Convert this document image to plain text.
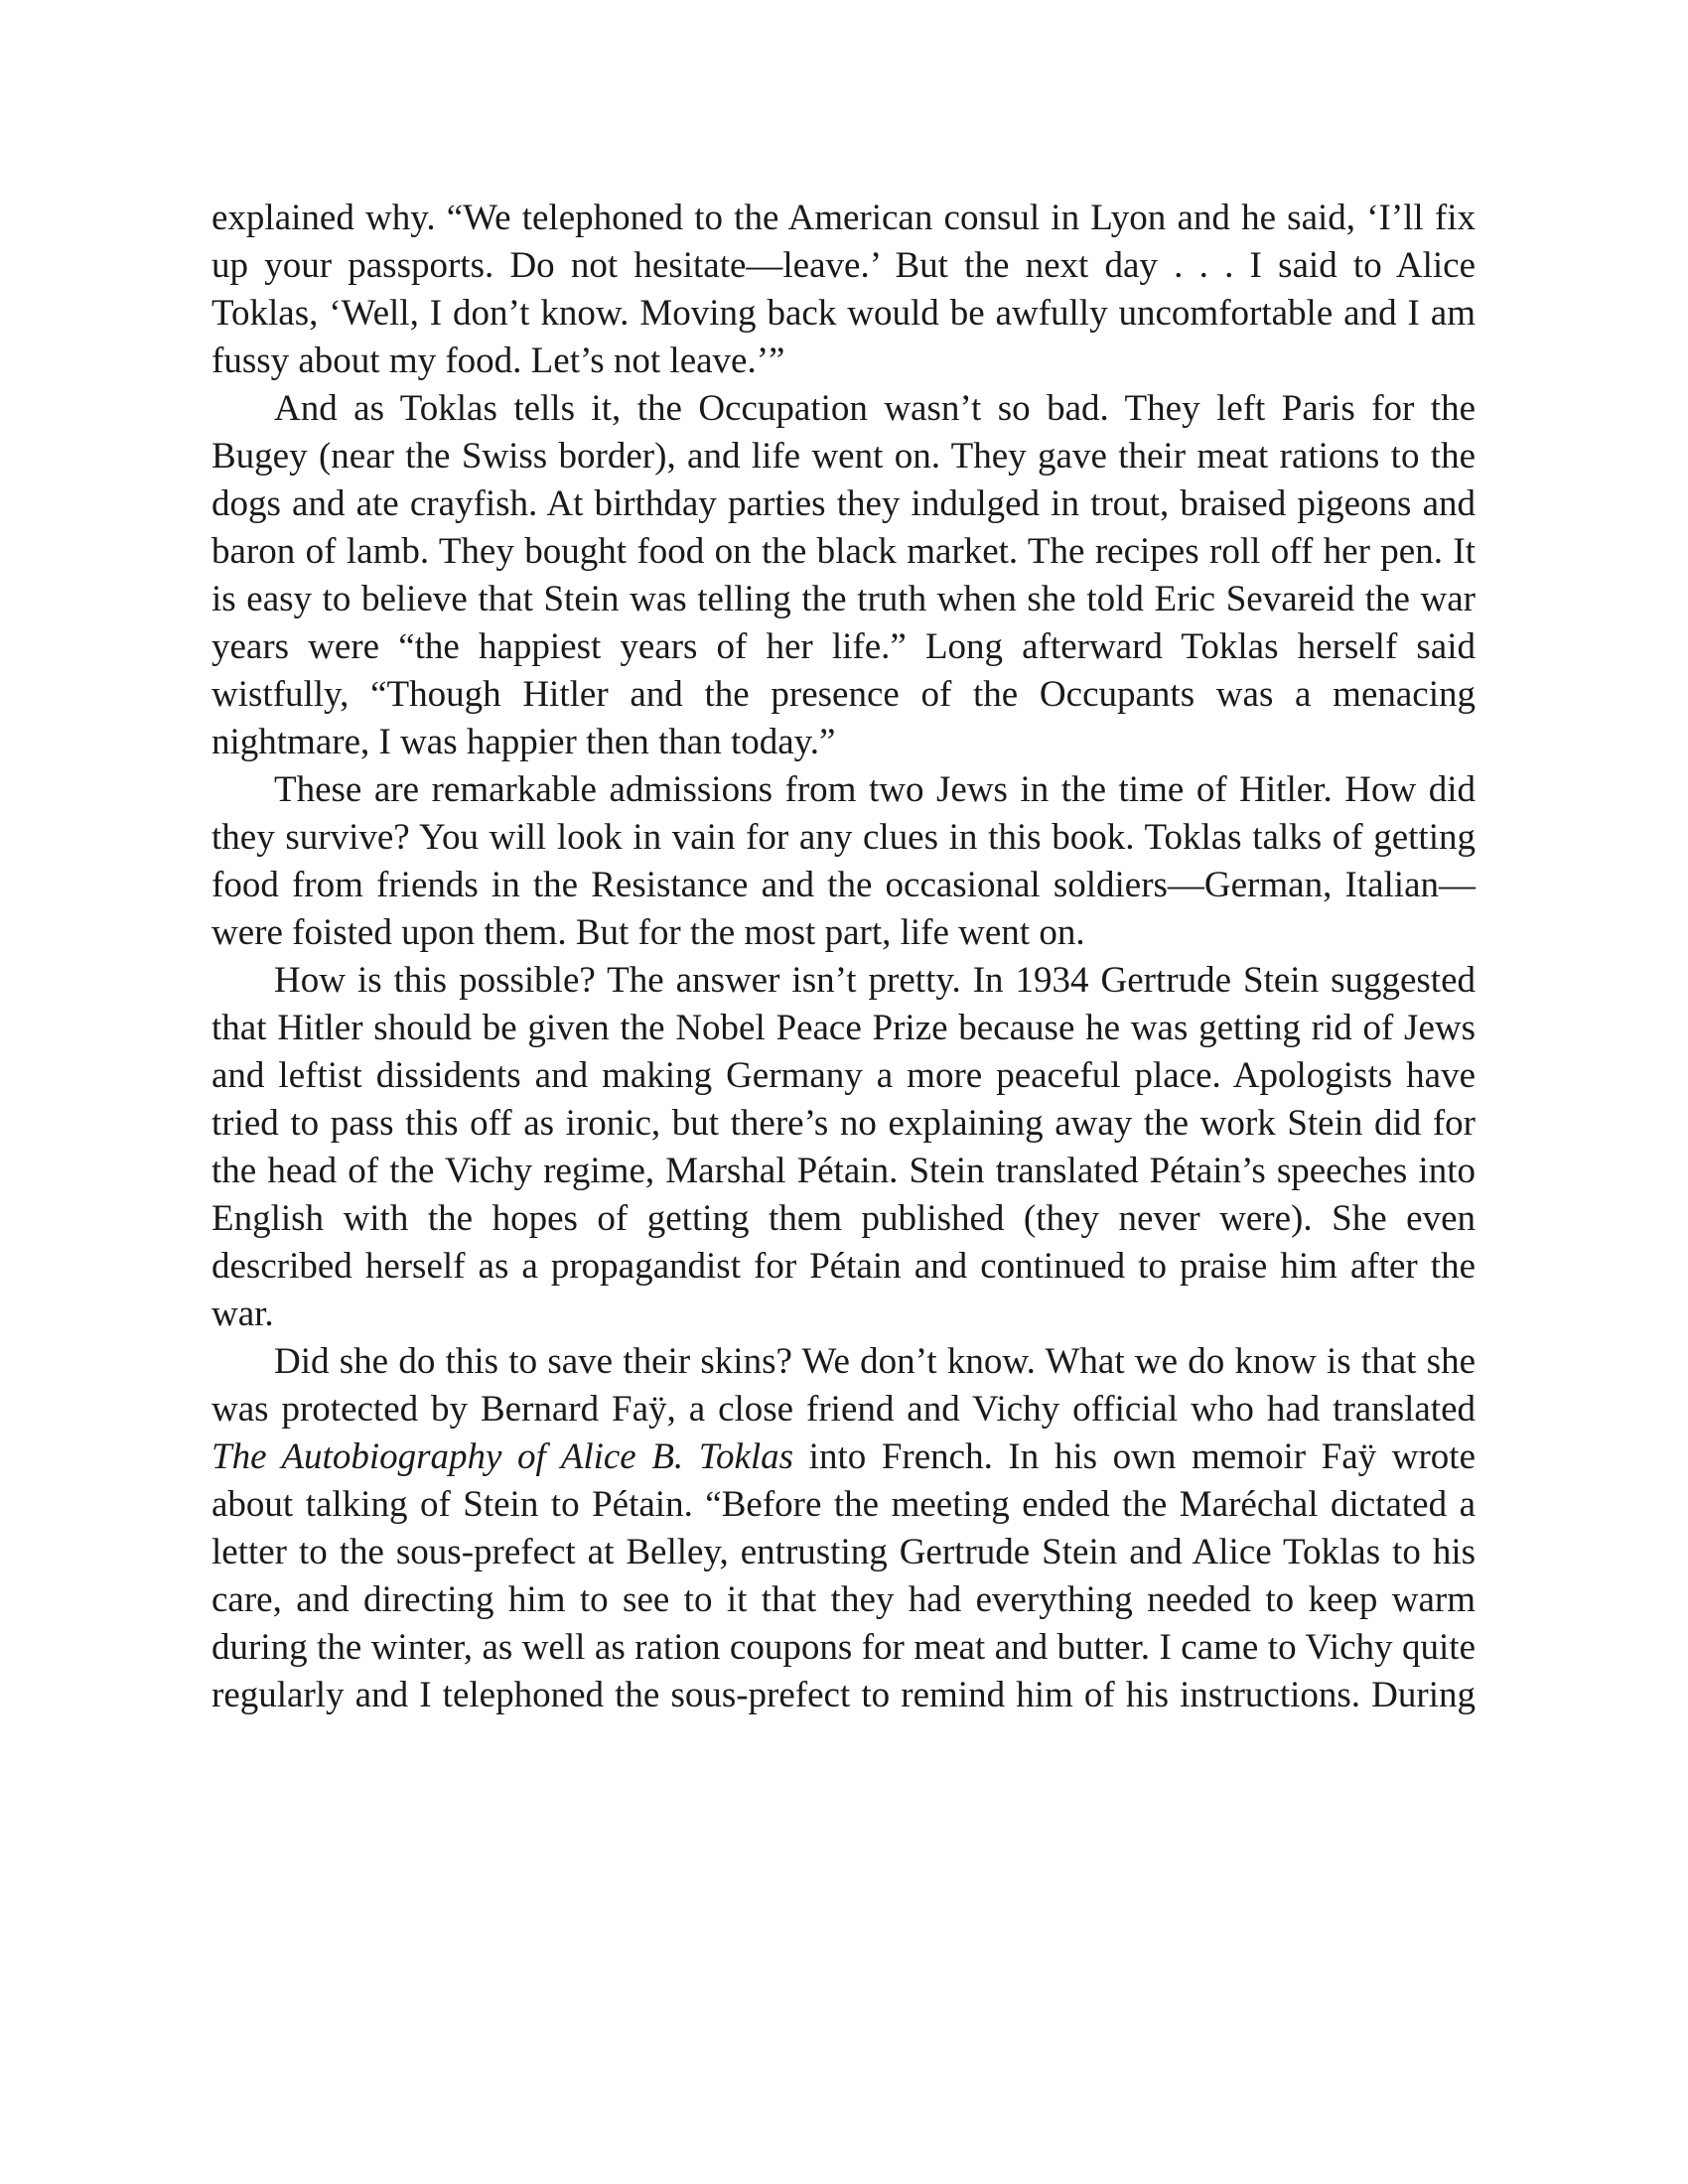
explained why. “We telephoned to the American consul in Lyon and he said, ‘I’ll fix up your passports. Do not hesitate—leave.’ But the next day . . . I said to Alice Toklas, ‘Well, I don’t know. Moving back would be awfully uncomfortable and I am fussy about my food. Let’s not leave.’”

And as Toklas tells it, the Occupation wasn’t so bad. They left Paris for the Bugey (near the Swiss border), and life went on. They gave their meat rations to the dogs and ate crayfish. At birthday parties they indulged in trout, braised pigeons and baron of lamb. They bought food on the black market. The recipes roll off her pen. It is easy to believe that Stein was telling the truth when she told Eric Sevareid the war years were “the happiest years of her life.” Long afterward Toklas herself said wistfully, “Though Hitler and the presence of the Occupants was a menacing nightmare, I was happier then than today.”

These are remarkable admissions from two Jews in the time of Hitler. How did they survive? You will look in vain for any clues in this book. Toklas talks of getting food from friends in the Resistance and the occasional soldiers—German, Italian—were foisted upon them. But for the most part, life went on.

How is this possible? The answer isn’t pretty. In 1934 Gertrude Stein suggested that Hitler should be given the Nobel Peace Prize because he was getting rid of Jews and leftist dissidents and making Germany a more peaceful place. Apologists have tried to pass this off as ironic, but there’s no explaining away the work Stein did for the head of the Vichy regime, Marshal Pétain. Stein translated Pétain’s speeches into English with the hopes of getting them published (they never were). She even described herself as a propagandist for Pétain and continued to praise him after the war.

Did she do this to save their skins? We don’t know. What we do know is that she was protected by Bernard Faÿ, a close friend and Vichy official who had translated The Autobiography of Alice B. Toklas into French. In his own memoir Faÿ wrote about talking of Stein to Pétain. “Before the meeting ended the Maréchal dictated a letter to the sous-prefect at Belley, entrusting Gertrude Stein and Alice Toklas to his care, and directing him to see to it that they had everything needed to keep warm during the winter, as well as ration coupons for meat and butter. I came to Vichy quite regularly and I telephoned the sous-prefect to remind him of his instructions. During
